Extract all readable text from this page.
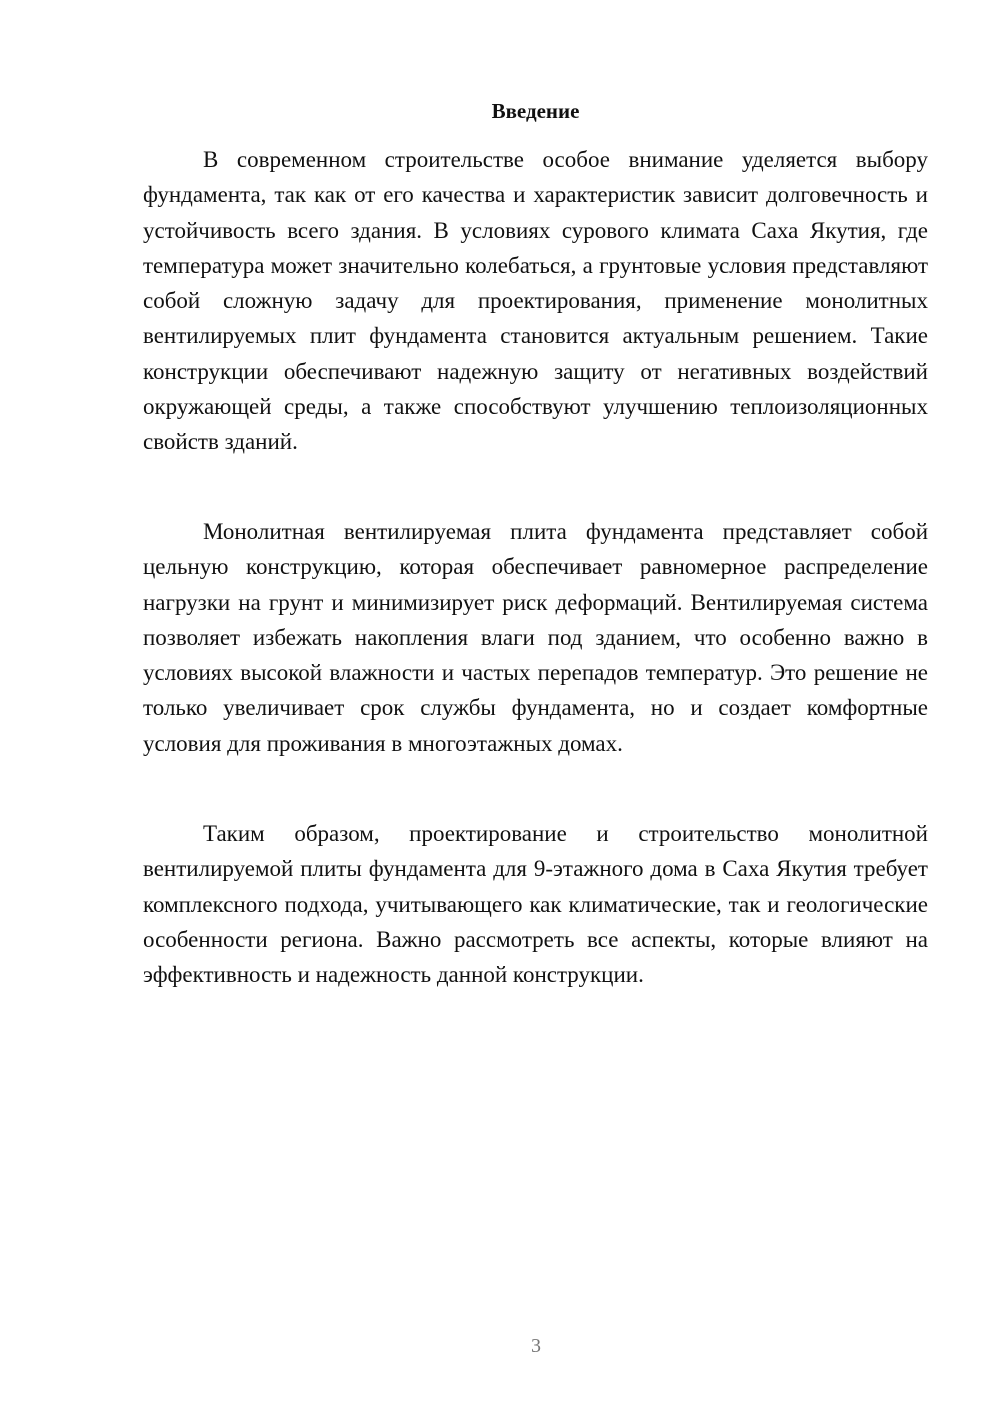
Введение

В современном строительстве особое внимание уделяется выбору фундамента, так как от его качества и характеристик зависит долговечность и устойчивость всего здания. В условиях сурового климата Саха Якутия, где температура может значительно колебаться, а грунтовые условия представляют собой сложную задачу для проектирования, применение монолитных вентилируемых плит фундамента становится актуальным решением. Такие конструкции обеспечивают надежную защиту от негативных воздействий окружающей среды, а также способствуют улучшению теплоизоляционных свойств зданий.

Монолитная вентилируемая плита фундамента представляет собой цельную конструкцию, которая обеспечивает равномерное распределение нагрузки на грунт и минимизирует риск деформаций. Вентилируемая система позволяет избежать накопления влаги под зданием, что особенно важно в условиях высокой влажности и частых перепадов температур. Это решение не только увеличивает срок службы фундамента, но и создает комфортные условия для проживания в многоэтажных домах.

Таким образом, проектирование и строительство монолитной вентилируемой плиты фундамента для 9-этажного дома в Саха Якутия требует комплексного подхода, учитывающего как климатические, так и геологические особенности региона. Важно рассмотреть все аспекты, которые влияют на эффективность и надежность данной конструкции.

3
